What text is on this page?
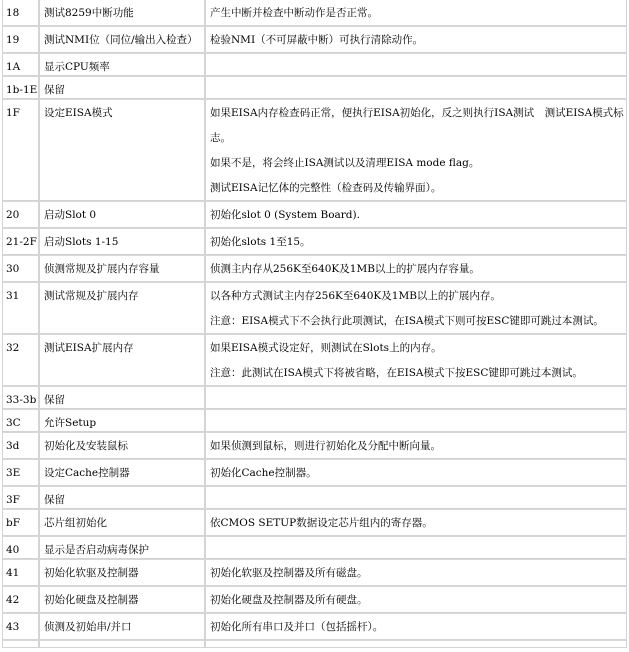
18	测试8259中断功能	产生中断并检查中断动作是否正常。

19	测试NMI位（同位/输出入检查）	检验NMI（不可屏蔽中断）可执行清除动作。

1A	显示CPU频率	
1b-1E	保留	
1F	设定EISA模式	如果EISA内存检查码正常，便执行EISA初始化，反之则执行ISA测试　测试EISA模式标
志。
如果不是，将会终止ISA测试以及清理EISA mode flag。
测试EISA记忆体的完整性（检查码及传输界面）。

20	启动Slot 0	初始化slot 0 (System Board).

21-2F	启动Slots 1-15	初始化slots 1至15。

30	侦测常规及扩展内存容量	侦测主内存从256K至640K及1MB以上的扩展内存容量。

31	测试常规及扩展内存	以各种方式测试主内存256K至640K及1MB以上的扩展内存。
注意：EISA模式下不会执行此项测试，在ISA模式下则可按ESC键即可跳过本测试。

32	测试EISA扩展内存	如果EISA模式设定好，则测试在Slots上的内存。
注意：此测试在ISA模式下将被省略，在EISA模式下按ESC键即可跳过本测试。

33-3b	保留	
3C	允许Setup	
3d	初始化及安装鼠标	如果侦测到鼠标，则进行初始化及分配中断向量。

3E	设定Cache控制器	初始化Cache控制器。

3F	保留	
bF	芯片组初始化	依CMOS SETUP数据设定芯片组内的寄存器。

40	显示是否启动病毒保护	
41	初始化软驱及控制器	初始化软驱及控制器及所有磁盘。

42	初始化硬盘及控制器	初始化硬盘及控制器及所有硬盘。

43	侦测及初始串/并口	初始化所有串口及并口（包括摇杆）。
